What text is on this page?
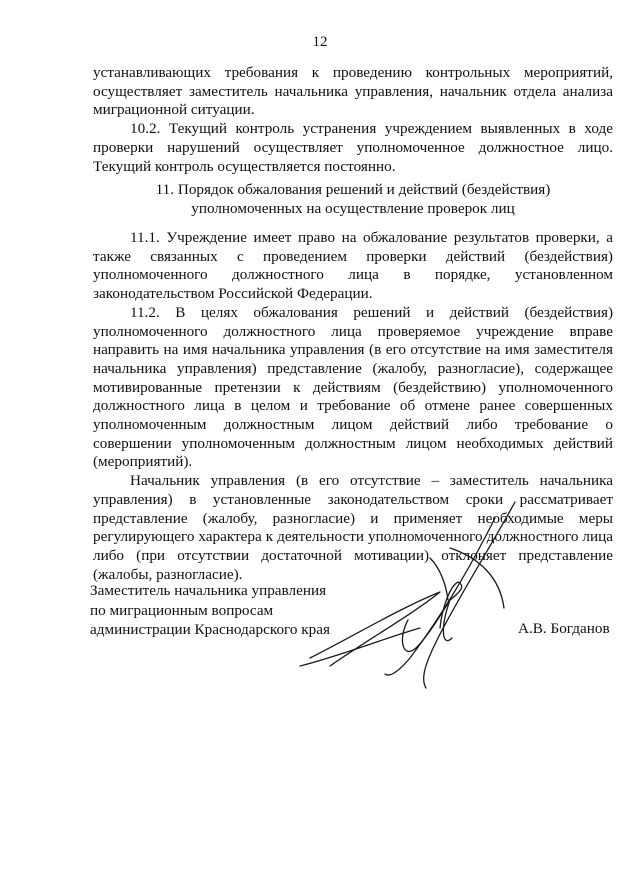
12

устанавливающих требования к проведению контрольных мероприятий, осуществляет заместитель начальника управления, начальник отдела анализа миграционной ситуации.

10.2. Текущий контроль устранения учреждением выявленных в ходе проверки нарушений осуществляет уполномоченное должностное лицо. Текущий контроль осуществляется постоянно.

11. Порядок обжалования решений и действий (бездействия)
уполномоченных на осуществление проверок лиц

11.1. Учреждение имеет право на обжалование результатов проверки, а также связанных с проведением проверки действий (бездействия) уполномоченного должностного лица в порядке, установленном законодательством Российской Федерации.

11.2. В целях обжалования решений и действий (бездействия) уполномоченного должностного лица проверяемое учреждение вправе направить на имя начальника управления (в его отсутствие на имя заместителя начальника управления) представление (жалобу, разногласие), содержащее мотивированные претензии к действиям (бездействию) уполномоченного должностного лица в целом и требование об отмене ранее совершенных уполномоченным должностным лицом действий либо требование о совершении уполномоченным должностным лицом необходимых действий (мероприятий).

Начальник управления (в его отсутствие – заместитель начальника управления) в установленные законодательством сроки рассматривает представление (жалобу, разногласие) и применяет необходимые меры регулирующего характера к деятельности уполномоченного должностного лица либо (при отсутствии достаточной мотивации) отклоняет представление (жалобы, разногласие).

Заместитель начальника управления
по миграционным вопросам
администрации Краснодарского края	А.В. Богданов
